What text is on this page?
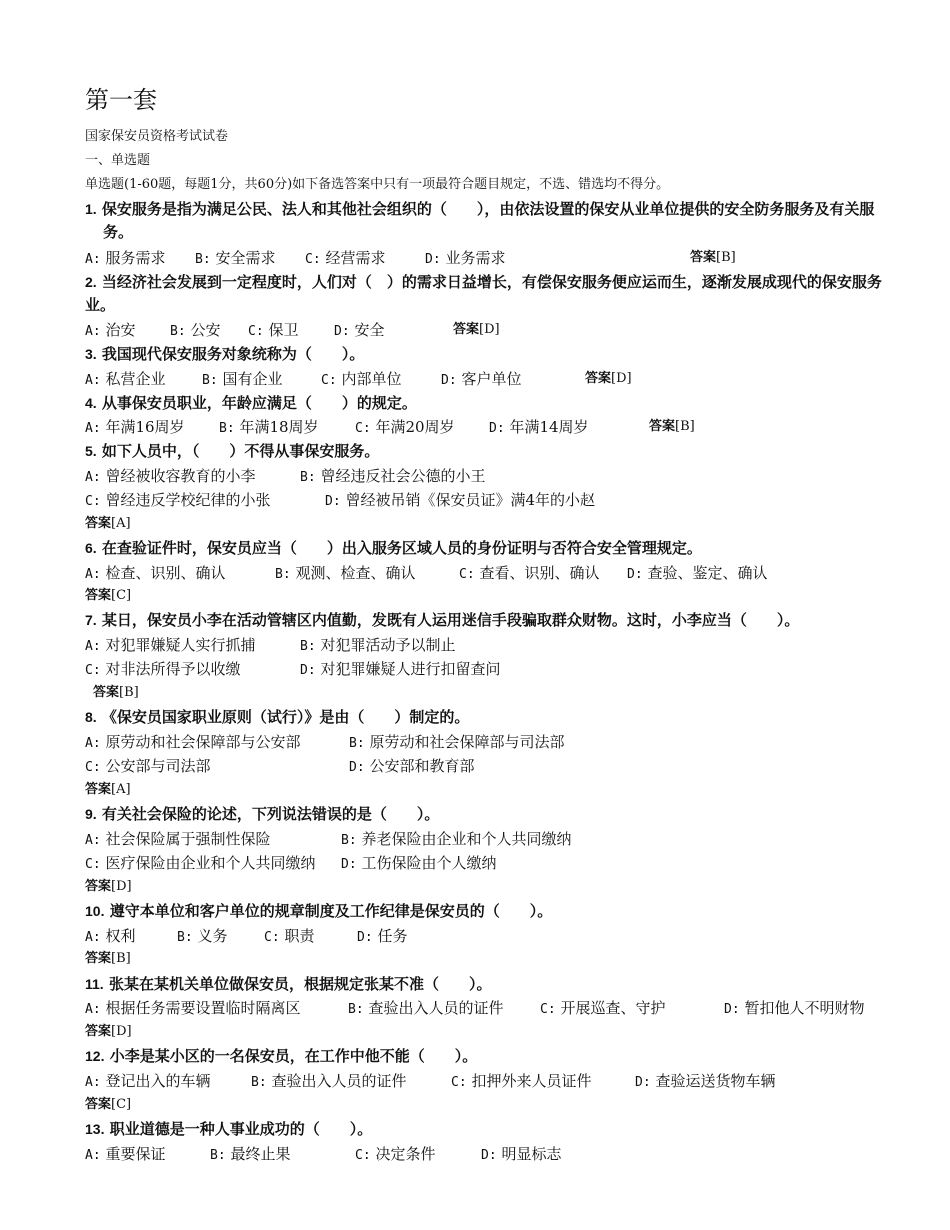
第一套
国家保安员资格考试试卷
一、单选题
单选题(1-60题，每题1分，共60分)如下备选答案中只有一项最符合题目规定，不选、错选均不得分。
1. 保安服务是指为满足公民、法人和其他社会组织的（　　），由依法设置的保安从业单位提供的安全防务服务及有关服务。
A: 服务需求 B: 安全需求 C: 经营需求	D: 业务需求	答案[B]
2. 当经济社会发展到一定程度时，人们对（　）的需求日益增长，有偿保安服务便应运而生，逐渐发展成现代的保安服务业。
A: 治安	B: 公安 C: 保卫	D: 安全	答案[D]
3. 我国现代保安服务对象统称为（　　）。
A: 私营企业	B: 国有企业	C: 内部单位	D: 客户单位	答案[D]
4. 从事保安员职业，年龄应满足（　　）的规定。
A: 年满16周岁	B: 年满18周岁	C: 年满20周岁	D: 年满14周岁	答案[B]
5. 如下人员中，（　　）不得从事保安服务。
A: 曾经被收容教育的小李	B: 曾经违反社会公德的小王
C: 曾经违反学校纪律的小张	D: 曾经被吊销《保安员证》满4年的小赵
答案[A]
6. 在查验证件时，保安员应当（　　）出入服务区域人员的身份证明与否符合安全管理规定。
A: 检查、识别、确认	B: 观测、检查、确认	C: 查看、识别、确认 D: 查验、鉴定、确认
答案[C]
7. 某日，保安员小李在活动管辖区内值勤，发既有人运用迷信手段骗取群众财物。这时，小李应当（　　）。
A: 对犯罪嫌疑人实行抓捕	B: 对犯罪活动予以制止
C: 对非法所得予以收缴	D: 对犯罪嫌疑人进行扣留查问
答案[B]
8. 《保安员国家职业原则（试行）》是由（　　）制定的。
A: 原劳动和社会保障部与公安部	B: 原劳动和社会保障部与司法部
C: 公安部与司法部	D: 公安部和教育部
答案[A]
9. 有关社会保险的论述，下列说法错误的是（　　）。
A: 社会保险属于强制性保险	B: 养老保险由企业和个人共同缴纳
C: 医疗保险由企业和个人共同缴纳 D: 工伤保险由个人缴纳
答案[D]
10. 遵守本单位和客户单位的规章制度及工作纪律是保安员的（　　）。
A: 权利	B: 义务	C: 职责	D: 任务
答案[B]
11. 张某在某机关单位做保安员，根据规定张某不准（　　）。
A: 根据任务需要设置临时隔离区	B: 查验出入人员的证件	C: 开展巡查、守护	D: 暂扣他人不明财物
答案[D]
12. 小李是某小区的一名保安员，在工作中他不能（　　）。
A: 登记出入的车辆	B: 查验出入人员的证件	C: 扣押外来人员证件	D: 查验运送货物车辆
答案[C]
13. 职业道德是一种人事业成功的（　　）。
A: 重要保证	B: 最终止果	C: 决定条件	D: 明显标志
